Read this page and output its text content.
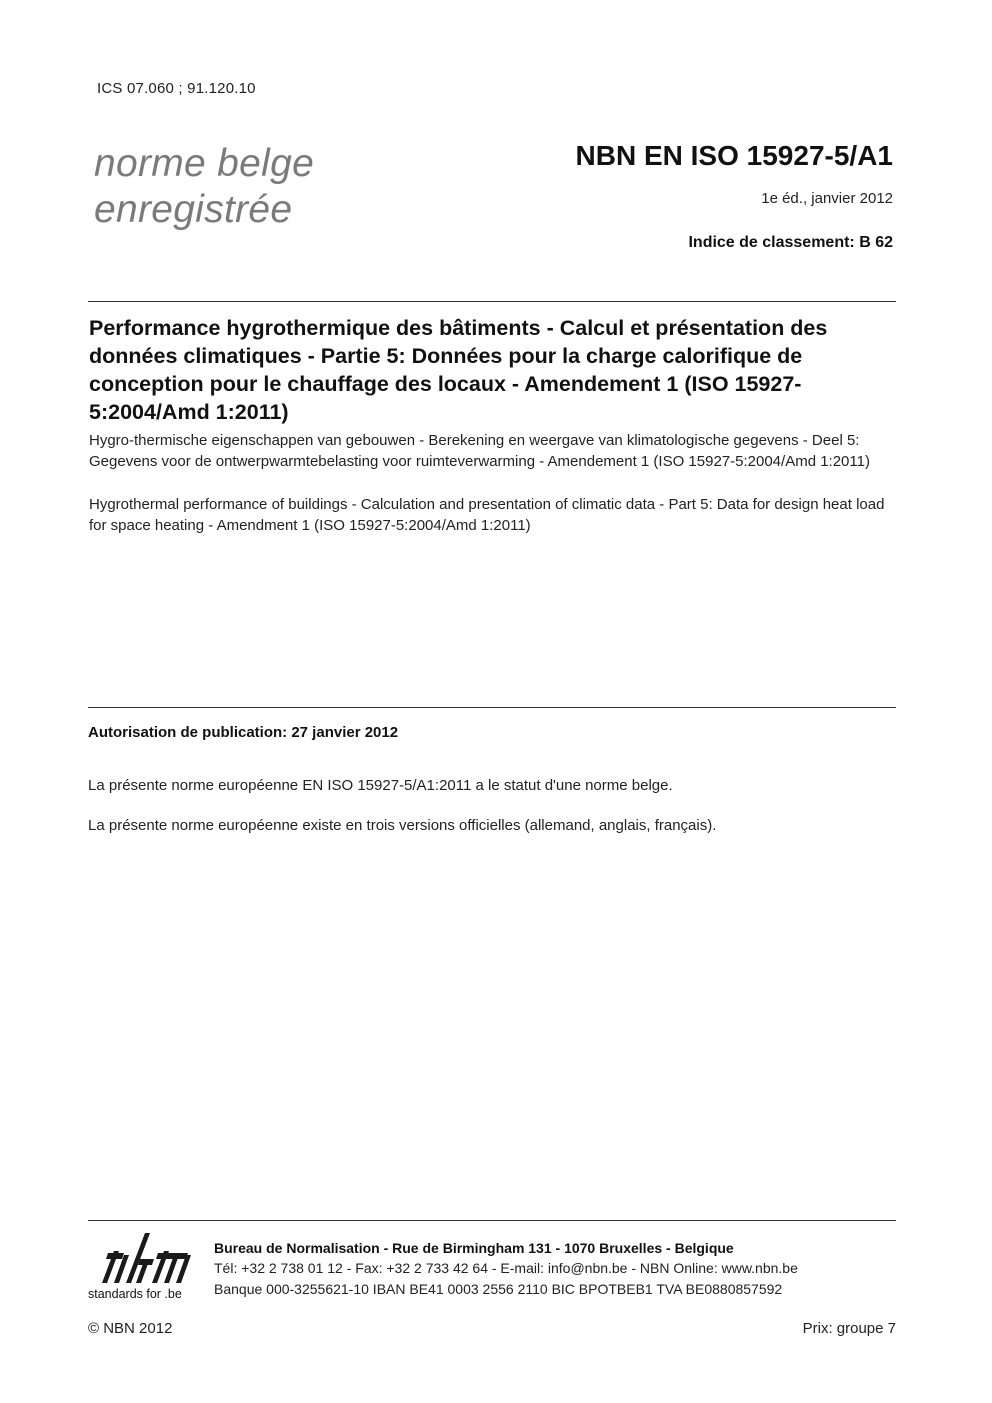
ICS 07.060 ; 91.120.10
norme belge
enregistrée
NBN EN ISO 15927-5/A1
1e éd., janvier 2012
Indice de classement: B 62
Performance hygrothermique des bâtiments - Calcul et présentation des données climatiques - Partie 5: Données pour la charge calorifique de conception pour le chauffage des locaux - Amendement 1 (ISO 15927-5:2004/Amd 1:2011)
Hygro-thermische eigenschappen van gebouwen - Berekening en weergave van klimatologische gegevens - Deel 5: Gegevens voor de ontwerpwarmtebelasting voor ruimteverwarming - Amendement 1 (ISO 15927-5:2004/Amd 1:2011)
Hygrothermal performance of buildings - Calculation and presentation of climatic data - Part 5: Data for design heat load for space heating - Amendment 1 (ISO 15927-5:2004/Amd 1:2011)
Autorisation de publication: 27 janvier 2012
La présente norme européenne EN ISO 15927-5/A1:2011 a le statut d'une norme belge.
La présente norme européenne existe en trois versions officielles (allemand, anglais, français).
standards for .be
Bureau de Normalisation - Rue de Birmingham 131 - 1070 Bruxelles - Belgique
Tél: +32 2 738 01 12 - Fax: +32 2 733 42 64 - E-mail: info@nbn.be - NBN Online: www.nbn.be
Banque 000-3255621-10 IBAN BE41 0003 2556 2110 BIC BPOTBEB1 TVA BE0880857592
© NBN 2012	Prix: groupe 7
